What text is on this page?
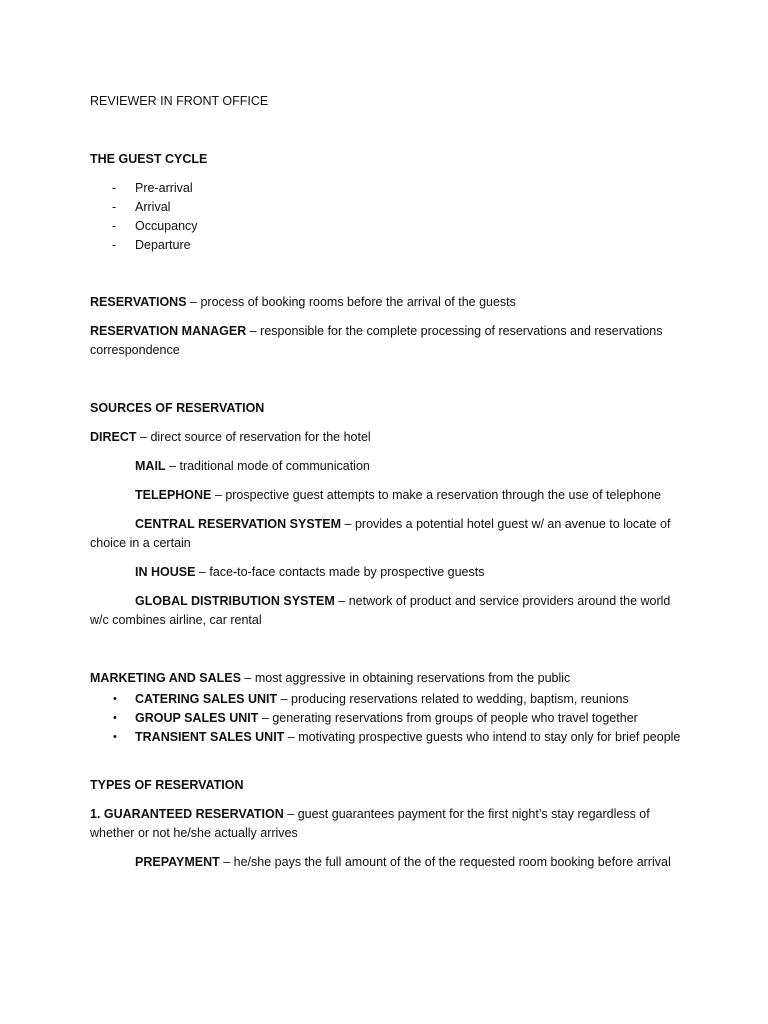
REVIEWER IN FRONT OFFICE

THE GUEST CYCLE

- Pre-arrival
- Arrival
- Occupancy
- Departure

RESERVATIONS – process of booking rooms before the arrival of the guests

RESERVATION MANAGER – responsible for the complete processing of reservations and reservations correspondence

SOURCES OF RESERVATION

DIRECT – direct source of reservation for the hotel

MAIL – traditional mode of communication

TELEPHONE – prospective guest attempts to make a reservation through the use of telephone

CENTRAL RESERVATION SYSTEM – provides a potential hotel guest w/ an avenue to locate of choice in a certain

IN HOUSE – face-to-face contacts made by prospective guests

GLOBAL DISTRIBUTION SYSTEM – network of product and service providers around the world w/c combines airline, car rental

MARKETING AND SALES – most aggressive in obtaining reservations from the public

• CATERING SALES UNIT – producing reservations related to wedding, baptism, reunions
• GROUP SALES UNIT – generating reservations from groups of people who travel together
• TRANSIENT SALES UNIT – motivating prospective guests who intend to stay only for brief people

TYPES OF RESERVATION

1. GUARANTEED RESERVATION – guest guarantees payment for the first night’s stay regardless of whether or not he/she actually arrives

PREPAYMENT – he/she pays the full amount of the of the requested room booking before arrival
